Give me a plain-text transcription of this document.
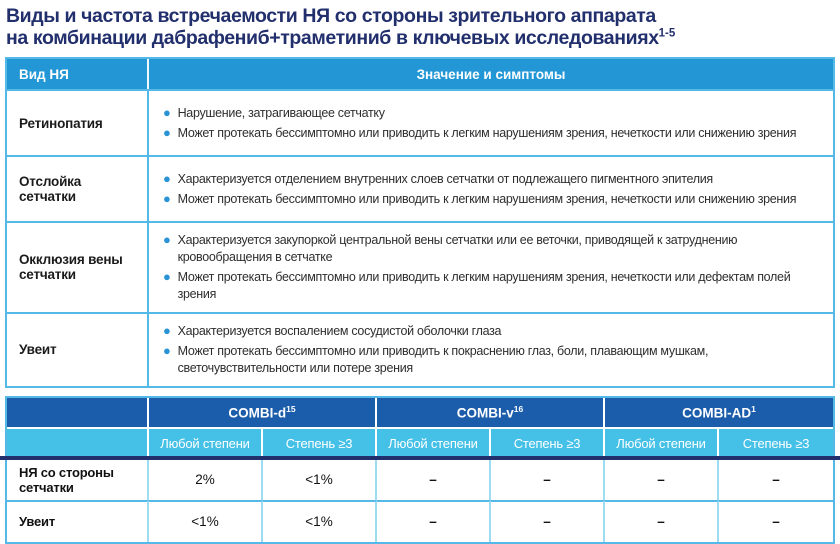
Виды и частота встречаемости НЯ со стороны зрительного аппарата
на комбинации дабрафениб+траметиниб в ключевых исследованиях$^{1-5}$
Вид НЯ	Значение и симптомы
Ретинопатия	● Нарушение, затрагивающее сетчатку
● Может протекать бессимптомно или приводить к легким нарушениям зрения, нечеткости или снижению зрения

Отслойка сетчатки	● Характеризуется отделением внутренних слоев сетчатки от подлежащего пигментного эпителия
● Может протекать бессимптомно или приводить к легким нарушениям зрения, нечеткости или снижению зрения

Окклюзия вены сетчатки	● Характеризуется закупоркой центральной вены сетчатки или ее веточки, приводящей к затруднению кровообращения в сетчатке
● Может протекать бессимптомно или приводить к легким нарушениям зрения, нечеткости или дефектам полей зрения

Увеит	● Характеризуется воспалением сосудистой оболочки глаза
● Может протекать бессимптомно или приводить к покраснению глаз, боли, плавающим мушкам, светочувствительности или потере зрения
	COMBI-$d^{15}$		COMBI-$v^{16}$		COMBI-$AD^1$
	Любой степени	Степень ≥3	Любой степени	Степень ≥3	Любой степени	Степень ≥3
НЯ со стороны сетчатки	2%	<1%	–	–	–	–
Увеит	<1%	<1%	–	–	–	–
